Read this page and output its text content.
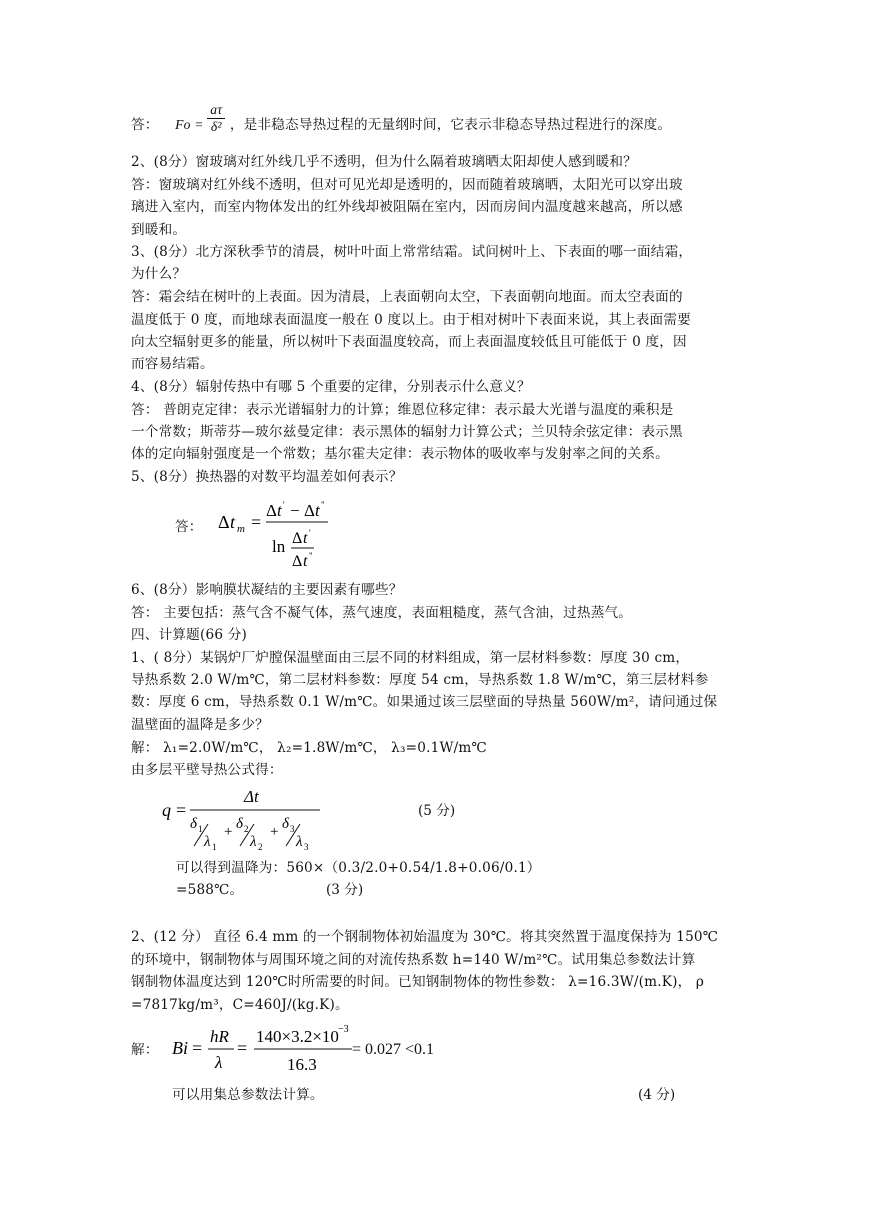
答： $Fo = \frac{a\tau}{\text{δ²}}$ ，是非稳态导热过程的无量纲时间，它表示非稳态导热过程进行的深度。
2、(8分）窗玻璃对红外线几乎不透明，但为什么隔着玻璃晒太阳却使人感到暖和？
答：窗玻璃对红外线不透明，但对可见光却是透明的，因而随着玻璃晒，太阳光可以穿出玻
璃进入室内，而室内物体发出的红外线却被阻隔在室内，因而房间内温度越来越高，所以感
到暖和。
3、(8分）北方深秋季节的清晨，树叶叶面上常常结霜。试问树叶上、下表面的哪一面结霜，
为什么？
答：霜会结在树叶的上表面。因为清晨，上表面朝向太空，下表面朝向地面。而太空表面的
温度低于 0 度，而地球表面温度一般在 0 度以上。由于相对树叶下表面来说，其上表面需要
向太空辐射更多的能量，所以树叶下表面温度较高，而上表面温度较低且可能低于 0 度，因
而容易结霜。
4、(8分）辐射传热中有哪 5 个重要的定律，分别表示什么意义？
答： 普朗克定律：表示光谱辐射力的计算；维恩位移定律：表示最大光谱与温度的乘积是
一个常数；斯蒂芬—玻尔兹曼定律：表示黑体的辐射力计算公式；兰贝特余弦定律：表示黑
体的定向辐射强度是一个常数；基尔霍夫定律：表示物体的吸收率与发射率之间的关系。
5、(8分）换热器的对数平均温差如何表示？
答： Δ t m =
Δ t ' − Δ t "
ln Δ t '
Δ t "
6、(8分）影响膜状凝结的主要因素有哪些？
答： 主要包括：蒸气含不凝气体，蒸气速度，表面粗糙度，蒸气含油，过热蒸气。
四、计算题(66 分)
1、( 8分）某锅炉厂炉膛保温壁面由三层不同的材料组成，第一层材料参数：厚度 30 cm，
导热系数 2.0 W/m℃，第二层材料参数：厚度 54 cm，导热系数 1.8 W/m℃，第三层材料参
数：厚度 6 cm，导热系数 0.1 W/m℃。如果通过该三层壁面的导热量 560W/m²，请问通过保
温壁面的温降是多少？
解： λ₁=2.0W/m℃， λ₂=1.8W/m℃， λ₃=0.1W/m℃
由多层平壁导热公式得：
q =
Δt
δ 1
λ 1
+ δ 2
λ 2
+ δ 3
λ 3
(5 分)
可以得到温降为：560×（0.3/2.0+0.54/1.8+0.06/0.1）
=588℃。	(3 分)
2、(12 分） 直径 6.4 mm 的一个钢制物体初始温度为 30℃。将其突然置于温度保持为 150℃
的环境中，钢制物体与周围环境之间的对流传热系数 h=140 W/m²℃。试用集总参数法计算
钢制物体温度达到 120℃时所需要的时间。已知钢制物体的物性参数： λ=16.3W/(m.K)， ρ
=7817kg/m³，C=460J/(kg.K)。
解： Bi =
hR
λ
=
140×3.2×10 −3
16.3
= 0.027 <0.1
可以用集总参数法计算。	(4 分)
